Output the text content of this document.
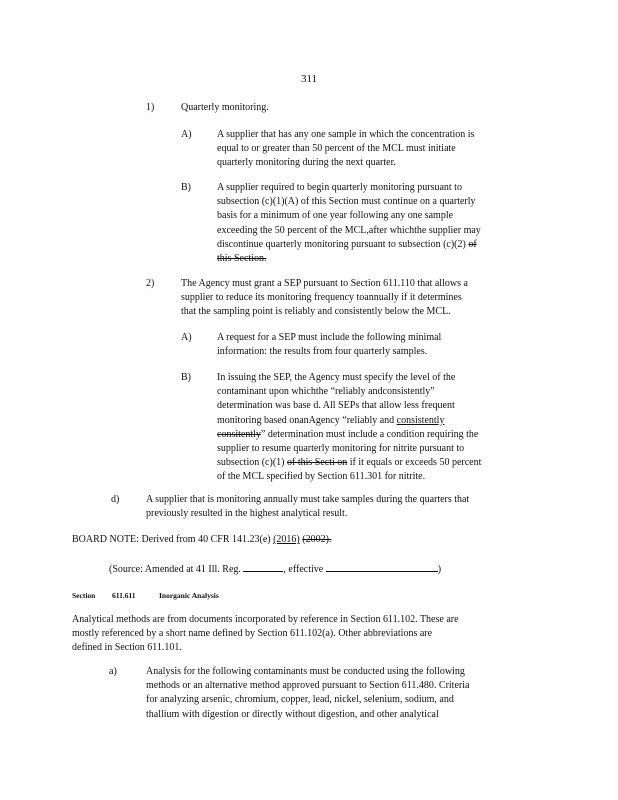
311
1)	Quarterly monitoring.
A)	A supplier that has any one sample in which the concentration is
equal to or greater than 50 percent of the MCL must initiate
quarterly monitoring during the next quarter.
B)	A supplier required to begin quarterly monitoring pursuant to
subsection (c)(1)(A) of this Section must continue on a quarterly
basis for a minimum of one year following any one sample
exceeding the 50 percent of the MCL,after whichthe supplier may
discontinue quarterly monitoring pursuant to subsection (c)(2) of
this Section.
2)	The Agency must grant a SEP pursuant to Section 611.110 that allows a
supplier to reduce its monitoring frequency toannually if it determines
that the sampling point is reliably and consistently below the MCL.
A)	A request for a SEP must include the following minimal
information: the results from four quarterly samples.
B)	In issuing the SEP, the Agency must specify the level of the
contaminant upon whichthe “reliably andconsistently”
determination was base d. All SEPs that allow less frequent
monitoring based onanAgency “reliably and consistently
consitently” determination must include a condition requiring the
supplier to resume quarterly monitoring for nitrite pursuant to
subsection (c)(1) of this Secti on if it equals or exceeds 50 percent
of the MCL specified by Section 611.301 for nitrite.
d)	A supplier that is monitoring annually must take samples during the quarters that
previously resulted in the highest analytical result.
BOARD NOTE: Derived from 40 CFR 141.23(e) (2016) (2002).
(Source: Amended at 41 Ill. Reg.	, effective	)
Section 611.611	Inorganic Analysis
Analytical methods are from documents incorporated by reference in Section 611.102. These are
mostly referenced by a short name defined by Section 611.102(a). Other abbreviations are
defined in Section 611.101.
a)	Analysis for the following contaminants must be conducted using the following
methods or an alternative method approved pursuant to Section 611.480. Criteria
for analyzing arsenic, chromium, copper, lead, nickel, selenium, sodium, and
thallium with digestion or directly without digestion, and other analytical
